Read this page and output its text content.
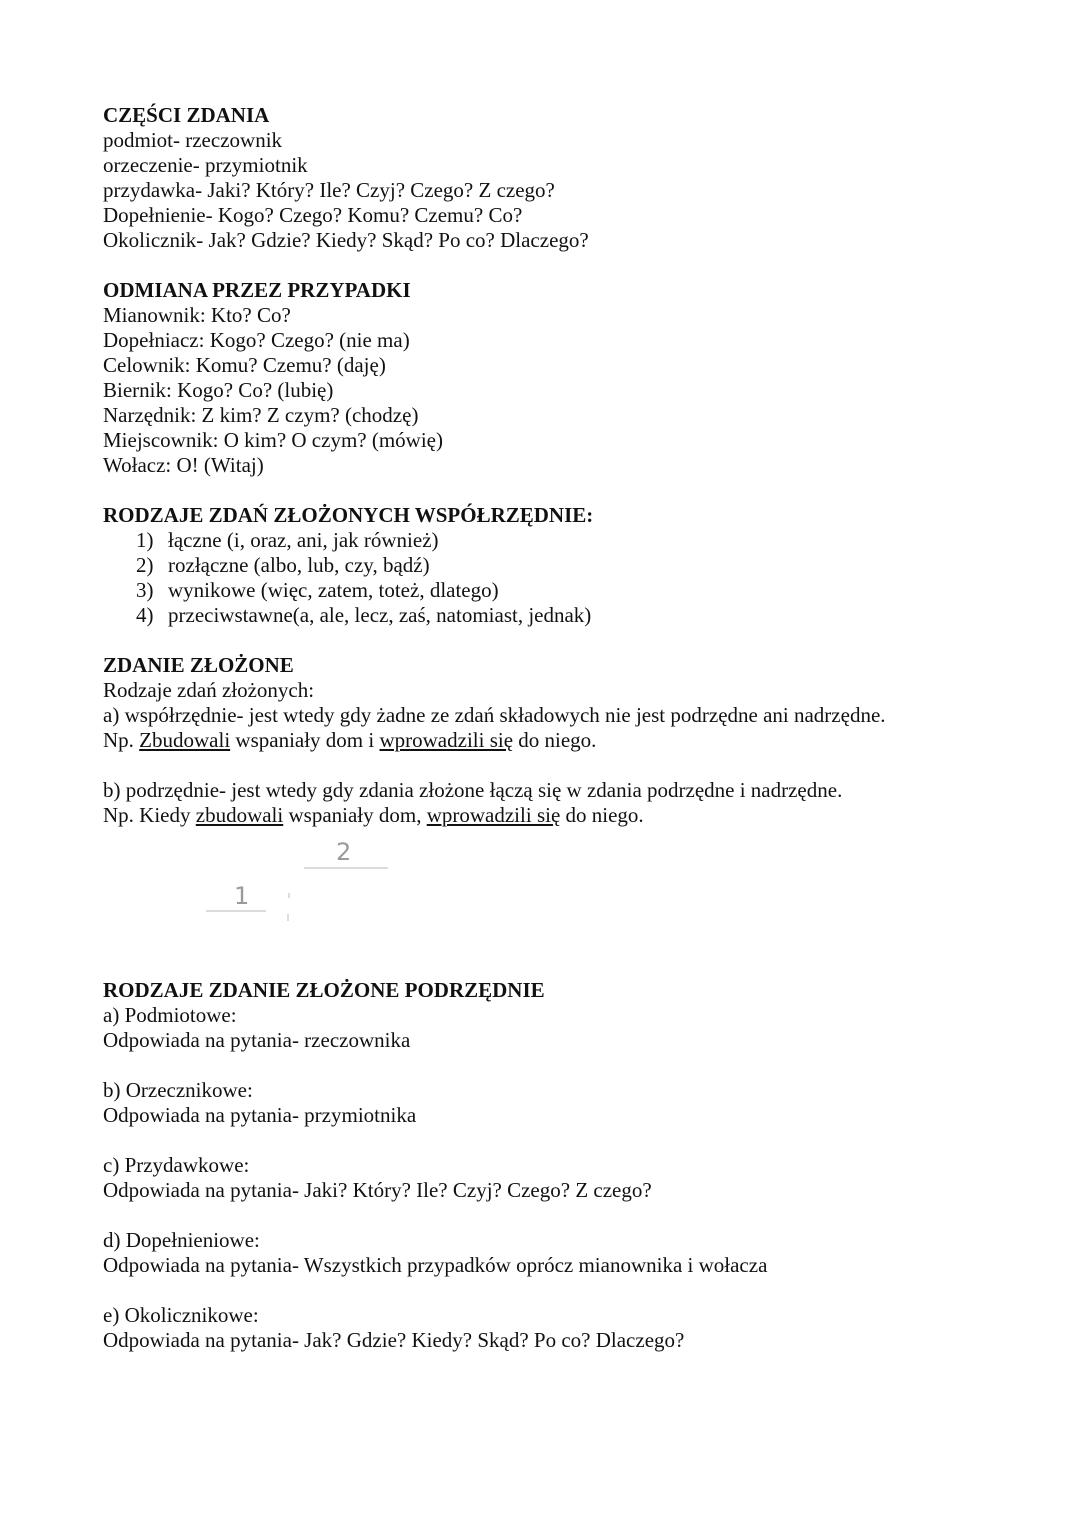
CZĘŚCI ZDANIA
podmiot- rzeczownik
orzeczenie- przymiotnik
przydawka- Jaki? Który? Ile? Czyj? Czego? Z czego?
Dopełnienie- Kogo? Czego? Komu? Czemu? Co?
Okolicznik- Jak? Gdzie? Kiedy? Skąd? Po co? Dlaczego?
ODMIANA PRZEZ PRZYPADKI
Mianownik: Kto? Co?
Dopełniacz: Kogo? Czego? (nie ma)
Celownik: Komu? Czemu? (daję)
Biernik: Kogo? Co? (lubię)
Narzędnik: Z kim? Z czym? (chodzę)
Miejscownik: O kim? O czym? (mówię)
Wołacz: O! (Witaj)
RODZAJE ZDAŃ ZŁOŻONYCH WSPÓŁRZĘDNIE:
1) łączne (i, oraz, ani, jak również)
2) rozłączne (albo, lub, czy, bądź)
3) wynikowe (więc, zatem, toteż, dlatego)
4) przeciwstawne(a, ale, lecz, zaś, natomiast, jednak)
ZDANIE ZŁOŻONE
Rodzaje zdań złożonych:
a) współrzędnie- jest wtedy gdy żadne ze zdań składowych nie jest podrzędne ani nadrzędne.
Np. Zbudowali wspaniały dom i wprowadzili się do niego.
b) podrzędnie- jest wtedy gdy zdania złożone łączą się w zdania podrzędne i nadrzędne.
Np. Kiedy zbudowali wspaniały dom, wprowadzili się do niego.
RODZAJE ZDANIE ZŁOŻONE PODRZĘDNIE
a) Podmiotowe:
Odpowiada na pytania- rzeczownika
b) Orzecznikowe:
Odpowiada na pytania- przymiotnika
c) Przydawkowe:
Odpowiada na pytania- Jaki? Który? Ile? Czyj? Czego? Z czego?
d) Dopełnieniowe:
Odpowiada na pytania- Wszystkich przypadków oprócz mianownika i wołacza
e) Okolicznikowe:
Odpowiada na pytania- Jak? Gdzie? Kiedy? Skąd? Po co? Dlaczego?
2
1
